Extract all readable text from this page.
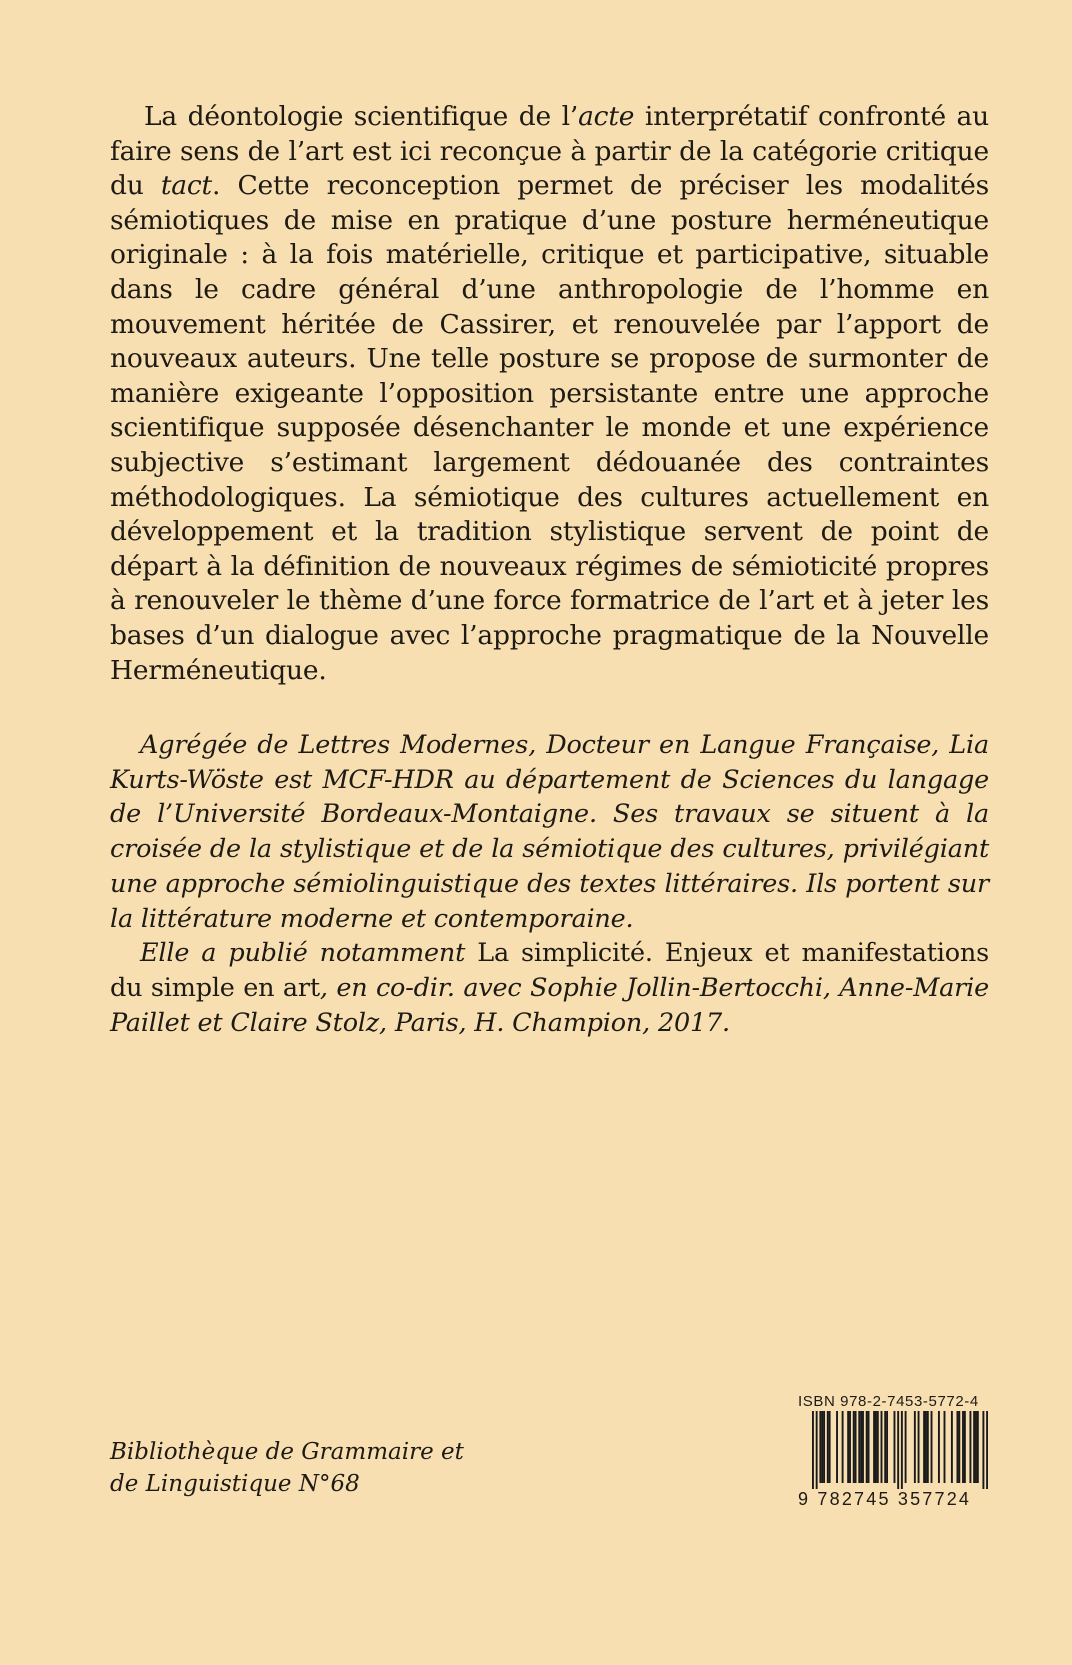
La déontologie scientifique de l’acte interprétatif confronté au faire sens de l’art est ici reconçue à partir de la catégorie critique du tact. Cette reconception permet de préciser les modalités sémiotiques de mise en pratique d’une posture herméneutique originale : à la fois matérielle, critique et participative, situable dans le cadre général d’une anthropologie de l’homme en mouvement héritée de Cassirer, et renouvelée par l’apport de nouveaux auteurs. Une telle posture se propose de surmonter de manière exigeante l’opposition persistante entre une approche scientifique supposée désenchanter le monde et une expérience subjective s’estimant largement dédouanée des contraintes méthodologiques. La sémiotique des cultures actuellement en développement et la tradition stylistique servent de point de départ à la définition de nouveaux régimes de sémioticité propres à renouveler le thème d’une force formatrice de l’art et à jeter les bases d’un dialogue avec l’approche pragmatique de la Nouvelle Herméneutique.

Agrégée de Lettres Modernes, Docteur en Langue Française, Lia Kurts-Wöste est MCF-HDR au département de Sciences du langage de l’Université Bordeaux-Montaigne. Ses travaux se situent à la croisée de la stylistique et de la sémiotique des cultures, privilégiant une approche sémiolinguistique des textes littéraires. Ils portent sur la littérature moderne et contemporaine.

Elle a publié notamment La simplicité. Enjeux et manifestations du simple en art, en co-dir. avec Sophie Jollin-Bertocchi, Anne-Marie Paillet et Claire Stolz, Paris, H. Champion, 2017.

Bibliothèque de Grammaire et
de Linguistique N°68
ISBN 978-2-7453-5772-4
9 782745 357724
